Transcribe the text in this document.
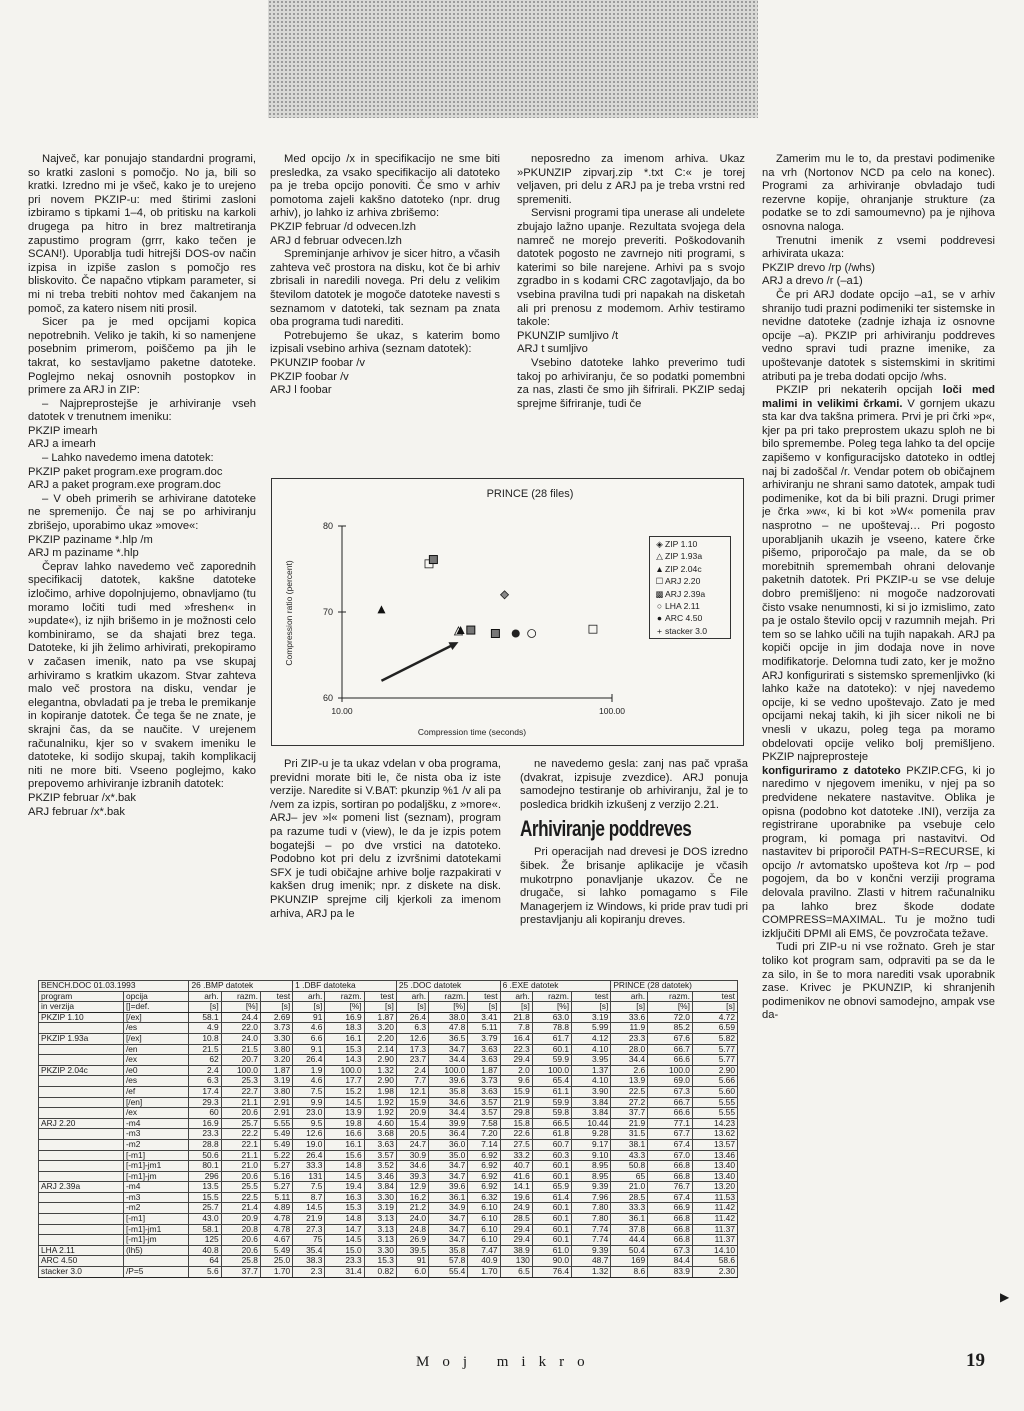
Največ, kar ponujajo standardni programi, so kratki zasloni s pomočjo. No ja, bili so kratki. Izredno mi je všeč, kako je to urejeno pri novem PKZIP-u: med štirimi zasloni izbiramo s tipkami 1–4, ob pritisku na karkoli drugega pa hitro in brez maltretiranja zapustimo program (grrr, kako tečen je SCAN!). Uporablja tudi hitrejši DOS-ov način izpisa in izpiše zaslon s pomočjo res bliskovito. Če napačno vtipkam parameter, si mi ni treba trebiti nohtov med čakanjem na pomoč, za katero nisem niti prosil.

Sicer pa je med opcijami kopica nepotrebnih. Veliko je takih, ki so namenjene posebnim primerom, poiščemo pa jih le takrat, ko sestavljamo paketne datoteke. Poglejmo nekaj osnovnih postopkov in primere za ARJ in ZIP:

– Najpreprostejše je arhiviranje vseh datotek v trenutnem imeniku:

PKZIP imearh

ARJ a imearh

– Lahko navedemo imena datotek:

PKZIP paket program.exe program.doc

ARJ a paket program.exe program.doc

– V obeh primerih se arhivirane datoteke ne spremenijo. Če naj se po arhiviranju zbrišejo, uporabimo ukaz »move«:

PKZIP paziname *.hlp /m

ARJ m paziname *.hlp

Čeprav lahko navedemo več zaporednih specifikacij datotek, kakšne datoteke izločimo, arhive dopolnjujemo, obnavljamo (tu moramo ločiti tudi med »freshen« in »update«), iz njih brišemo in je možnosti celo kombiniramo, se da shajati brez tega. Datoteke, ki jih želimo arhivirati, prekopiramo v začasen imenik, nato pa vse skupaj arhiviramo s kratkim ukazom. Stvar zahteva malo več prostora na disku, vendar je elegantna, obvladati pa je treba le premikanje in kopiranje datotek. Če tega še ne znate, je skrajni čas, da se naučite. V urejenem računalniku, kjer so v svakem imeniku le datoteke, ki sodijo skupaj, takih komplikacij niti ne more biti. Vseeno poglejmo, kako prepovemo arhiviranje izbranih datotek:

PKZIP februar /x*.bak

ARJ februar /x*.bak

Med opcijo /x in specifikacijo ne sme biti presledka, za vsako specifikacijo ali datoteko pa je treba opcijo ponoviti. Če smo v arhiv pomotoma zajeli kakšno datoteko (npr. drug arhiv), jo lahko iz arhiva zbrišemo:

PKZIP februar /d odvecen.lzh

ARJ d februar odvecen.lzh

Spreminjanje arhivov je sicer hitro, a včasih zahteva več prostora na disku, kot če bi arhiv zbrisali in naredili novega. Pri delu z velikim številom datotek je mogoče datoteke navesti s seznamom v datoteki, tak seznam pa znata oba programa tudi narediti.

Potrebujemo še ukaz, s katerim bomo izpisali vsebino arhiva (seznam datotek):

PKUNZIP foobar /v

PKZIP foobar /v

ARJ l foobar

neposredno za imenom arhiva. Ukaz »PKUNZIP zipvarj.zip *.txt C:« je torej veljaven, pri delu z ARJ pa je treba vrstni red spremeniti.

Servisni programi tipa unerase ali undelete zbujajo lažno upanje. Rezultata svojega dela namreč ne morejo preveriti. Poškodovanih datotek pogosto ne zavrnejo niti programi, s katerimi so bile narejene. Arhivi pa s svojo zgradbo in s kodami CRC zagotavljajo, da bo vsebina pravilna tudi pri napakah na disketah ali pri prenosu z modemom. Arhiv testiramo takole:

PKUNZIP sumljivo /t

ARJ t sumljivo

Vsebino datoteke lahko preverimo tudi takoj po arhiviranju, če so podatki pomembni za nas, zlasti če smo jih šifrirali. PKZIP sedaj sprejme šifriranje, tudi če

PRINCE (28 files)
60
70
80
10.00	100.00
Compression time (seconds)
Compression ratio (percent)
◈ ZIP 1.10
△ ZIP 1.93a
▲ZIP 2.04c
☐ ARJ 2.20
▩ARJ 2.39a
○ LHA 2.11
● ARC 4.50
+ stacker 3.0

Pri ZIP-u je ta ukaz vdelan v oba programa, previdni morate biti le, če nista oba iz iste verzije. Naredite si V.BAT: pkunzip %1 /v ali pa /vem za izpis, sortiran po podaljšku, z »more«. ARJ– jev »l« pomeni list (seznam), program pa razume tudi v (view), le da je izpis potem bogatejši – po dve vrstici na datoteko. Podobno kot pri delu z izvršnimi datotekami SFX je tudi običajne arhive bolje razpakirati v kakšen drug imenik; npr. z diskete na disk. PKUNZIP sprejme cilj kjerkoli za imenom arhiva, ARJ pa le

ne navedemo gesla: zanj nas pač vpraša (dvakrat, izpisuje zvezdice). ARJ ponuja samodejno testiranje ob arhiviranju, žal je to posledica bridkih izkušenj z verzijo 2.21.

Arhiviranje poddreves

Pri operacijah nad drevesi je DOS izredno šibek. Že brisanje aplikacije je včasih mukotrpno ponavljanje ukazov. Če ne drugače, si lahko pomagamo s File Managerjem iz Windows, ki pride prav tudi pri prestavljanju ali kopiranju dreves.

Zamerim mu le to, da prestavi podimenike na vrh (Nortonov NCD pa celo na konec). Programi za arhiviranje obvladajo tudi rezervne kopije, ohranjanje strukture (za podatke se to zdi samoumevno) pa je njihova osnovna naloga.

Trenutni imenik z vsemi poddrevesi arhivirata ukaza:

PKZIP drevo /rp (/whs)

ARJ a drevo /r (–a1)

Če pri ARJ dodate opcijo –a1, se v arhiv shranijo tudi prazni podimeniki ter sistemske in nevidne datoteke (zadnje izhaja iz osnovne opcije –a). PKZIP pri arhiviranju poddreves vedno spravi tudi prazne imenike, za upoštevanje datotek s sistemskimi in skritimi atributi pa je treba dodati opcijo /whs.

PKZIP pri nekaterih opcijah loči med malimi in velikimi črkami. V gornjem ukazu sta kar dva takšna primera. Prvi je pri črki »p«, kjer pa pri tako preprostem ukazu sploh ne bi bilo spremembe. Poleg tega lahko ta del opcije zapišemo v konfiguracijsko datoteko in odtlej naj bi zadoščal /r. Vendar potem ob običajnem arhiviranju ne shrani samo datotek, ampak tudi podimenike, kot da bi bili prazni. Drugi primer je črka »w«, ki bi kot »W« pomenila prav nasprotno – ne upoštevaj… Pri pogosto uporabljanih ukazih je vseeno, katere črke pišemo, priporočajo pa male, da se ob morebitnih spremembah ohrani delovanje paketnih datotek. Pri PKZIP-u se vse deluje dobro premišljeno: ni mogoče nadzorovati čisto vsake nenumnosti, ki si jo izmislimo, zato pa je ostalo število opcij v razumnih mejah. Pri tem so se lahko učili na tujih napakah. ARJ pa kopiči opcije in jim dodaja nove in nove modifikatorje. Delomna tudi zato, ker je možno ARJ konfigurirati s sistemsko spremenljivko (ki lahko kaže na datoteko): v njej navedemo opcije, ki se vedno upoštevajo. Zato je med opcijami nekaj takih, ki jih sicer nikoli ne bi vnesli v ukazu, poleg tega pa moramo obdelovati opcije veliko bolj premišljeno. PKZIP najpreprosteje

konfiguriramo z datoteko PKZIP.CFG, ki jo naredimo v njegovem imeniku, v njej pa so predvidene nekatere nastavitve. Oblika je opisna (podobno kot datoteke .INI), verzija za registrirane uporabnike pa vsebuje celo program, ki pomaga pri nastavitvi. Od nastavitev bi priporočil PATH-S=RECURSE, ki opcijo /r avtomatsko upošteva kot /rp – pod pogojem, da bo v končni verziji programa delovala pravilno. Zlasti v hitrem računalniku pa lahko brez škode dodate COMPRESS=MAXIMAL. Tu je možno tudi izključiti DPMI ali EMS, če povzročata težave.

Tudi pri ZIP-u ni vse rožnato. Greh je star toliko kot program sam, odpraviti pa se da le za silo, in še to mora narediti vsak uporabnik zase. Krivec je PKUNZIP, ki shranjenih podimenikov ne obnovi samodejno, ampak vse da-

BENCH.DOC 01.03.1993		26 .BMP datotek			1 .DBF datoteka			25 .DOC datotek			6 .EXE datotek			PRINCE (28 datotek)		
program	opcija	arh.	razm.	test	arh.	razm.	test	arh.	razm.	test	arh.	razm.	test	arh.	razm.	test
in verzija	[]=def.	[s]	[%]	[s]	[s]	[%]	[s]	[s]	[%]	[s]	[s]	[%]	[s]	[s]	[%]	[s]
PKZIP 1.10	[/ex]	58.1	24.4	2.69	91	16.9	1.87	26.4	38.0	3.41	21.8	63.0	3.19	33.6	72.0	4.72
	/es	4.9	22.0	3.73	4.6	18.3	3.20	6.3	47.8	5.11	7.8	78.8	5.99	11.9	85.2	6.59
PKZIP 1.93a	[/ex]	10.8	24.0	3.30	6.6	16.1	2.20	12.6	36.5	3.79	16.4	61.7	4.12	23.3	67.6	5.82
	/en	21.5	21.5	3.80	9.1	15.3	2.14	17.3	34.7	3.63	22.3	60.1	4.10	28.0	66.7	5.77
	/ex	62	20.7	3.20	26.4	14.3	2.90	23.7	34.4	3.63	29.4	59.9	3.95	34.4	66.6	5.77
PKZIP 2.04c	/e0	2.4	100.0	1.87	1.9	100.0	1.32	2.4	100.0	1.87	2.0	100.0	1.37	2.6	100.0	2.90
	/es	6.3	25.3	3.19	4.6	17.7	2.90	7.7	39.6	3.73	9.6	65.4	4.10	13.9	69.0	5.66
	/ef	17.4	22.7	3.80	7.5	15.2	1.98	12.1	35.8	3.63	15.9	61.1	3.90	22.5	67.3	5.60
	[/en]	29.3	21.1	2.91	9.9	14.5	1.92	15.9	34.6	3.57	21.9	59.9	3.84	27.2	66.7	5.55
	/ex	60	20.6	2.91	23.0	13.9	1.92	20.9	34.4	3.57	29.8	59.8	3.84	37.7	66.6	5.55
ARJ 2.20	-m4	16.9	25.7	5.55	9.5	19.8	4.60	15.4	39.9	7.58	15.8	66.5	10.44	21.9	77.1	14.23
	-m3	23.3	22.2	5.49	12.6	16.6	3.68	20.5	36.4	7.20	22.6	61.8	9.28	31.5	67.7	13.62
	-m2	28.8	22.1	5.49	19.0	16.1	3.63	24.7	36.0	7.14	27.5	60.7	9.17	38.1	67.4	13.57
	[-m1]	50.6	21.1	5.22	26.4	15.6	3.57	30.9	35.0	6.92	33.2	60.3	9.10	43.3	67.0	13.46
	[-m1]-jm1	80.1	21.0	5.27	33.3	14.8	3.52	34.6	34.7	6.92	40.7	60.1	8.95	50.8	66.8	13.40
	[-m1]-jm	296	20.6	5.16	131	14.5	3.46	39.3	34.7	6.92	41.6	60.1	8.95	65	66.8	13.40
ARJ 2.39a	-m4	13.5	25.5	5.27	7.5	19.4	3.84	12.9	39.6	6.92	14.1	65.9	9.39	21.0	76.7	13.20
	-m3	15.5	22.5	5.11	8.7	16.3	3.30	16.2	36.1	6.32	19.6	61.4	7.96	28.5	67.4	11.53
	-m2	25.7	21.4	4.89	14.5	15.3	3.19	21.2	34.9	6.10	24.9	60.1	7.80	33.3	66.9	11.42
	[-m1]	43.0	20.9	4.78	21.9	14.8	3.13	24.0	34.7	6.10	28.5	60.1	7.80	36.1	66.8	11.42
	[-m1]-jm1	58.1	20.8	4.78	27.3	14.7	3.13	24.8	34.7	6.10	29.4	60.1	7.74	37.8	66.8	11.37
	[-m1]-jm	125	20.6	4.67	75	14.5	3.13	26.9	34.7	6.10	29.4	60.1	7.74	44.4	66.8	11.37
LHA 2.11	(lh5)	40.8	20.6	5.49	35.4	15.0	3.30	39.5	35.8	7.47	38.9	61.0	9.39	50.4	67.3	14.10
ARC 4.50		64	25.8	25.0	38.3	23.3	15.3	91	57.8	40.9	130	90.0	48.7	169	84.4	58.6
stacker 3.0	/P=5	5.6	37.7	1.70	2.3	31.4	0.82	6.0	55.4	1.70	6.5	76.4	1.32	8.6	83.9	2.30
Moj mikro	19
▶
